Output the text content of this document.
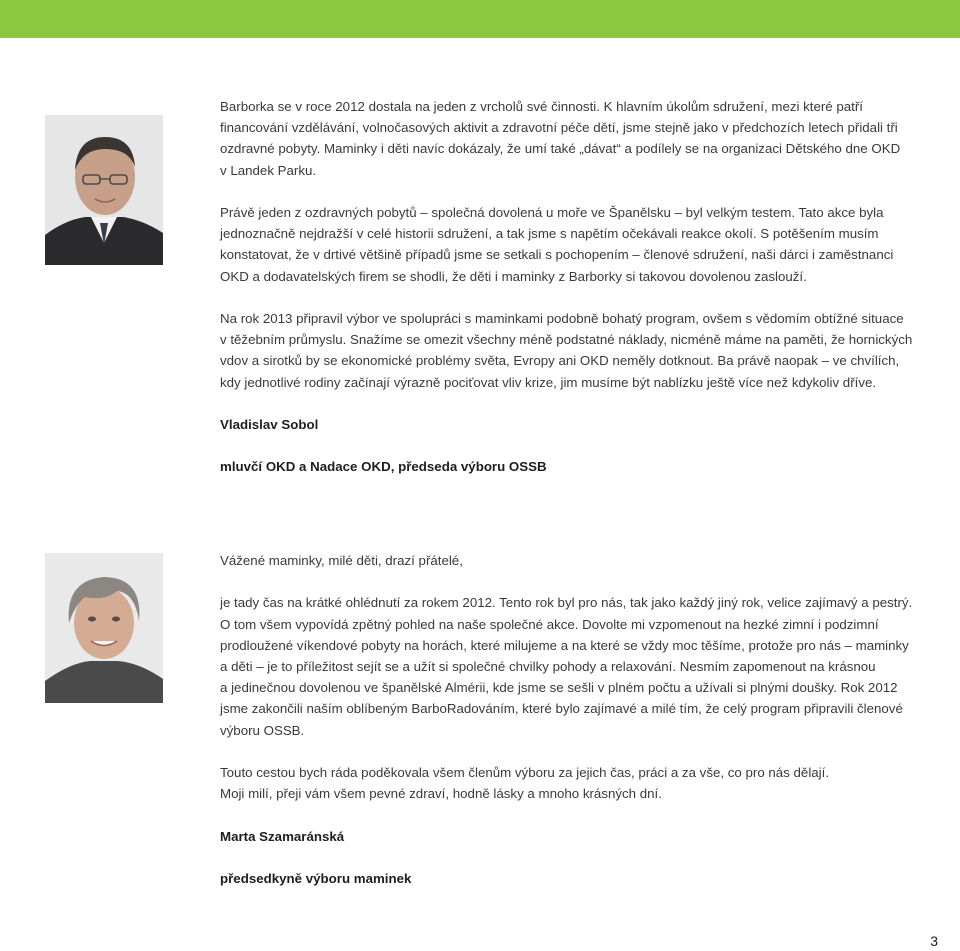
Barborka se v roce 2012 dostala na jeden z vrcholů své činnosti. K hlavním úkolům sdružení, mezi které patří
financování vzdělávání, volnočasových aktivit a zdravotní péče dětí, jsme stejně jako v předchozích letech přidali tři
ozdravné pobyty. Maminky i děti navíc dokázaly, že umí také „dávat“ a podílely se na organizaci Dětského dne OKD
v Landek Parku.

Právě jeden z ozdravných pobytů – společná dovolená u moře ve Španělsku – byl velkým testem. Tato akce byla
jednoznačně nejdražší v celé historii sdružení, a tak jsme s napětím očekávali reakce okolí. S potěšením musím
konstatovat, že v drtivé většině případů jsme se setkali s pochopením – členové sdružení, naši dárci i zaměstnanci
OKD a dodavatelských firem se shodli, že děti i maminky z Barborky si takovou dovolenou zaslouží.

Na rok 2013 připravil výbor ve spolupráci s maminkami podobně bohatý program, ovšem s vědomím obtížné situace
v těžebním průmyslu. Snažíme se omezit všechny méně podstatné náklady, nicméně máme na paměti, že hornických
vdov a sirotků by se ekonomické problémy světa, Evropy ani OKD neměly dotknout. Ba právě naopak – ve chvílích,
kdy jednotlivé rodiny začínají výrazně pociťovat vliv krize, jim musíme být nablízku ještě více než kdykoliv dříve.

Vladislav Sobol

mluvčí OKD a Nadace OKD, předseda výboru OSSB

Vážené maminky, milé děti, drazí přátelé,

je tady čas na krátké ohlédnutí za rokem 2012. Tento rok byl pro nás, tak jako každý jiný rok, velice zajímavý a pestrý.
O tom všem vypovídá zpětný pohled na naše společné akce. Dovolte mi vzpomenout na hezké zimní i podzimní
prodloužené víkendové pobyty na horách, které milujeme a na které se vždy moc těšíme, protože pro nás – maminky
a děti – je to příležitost sejít se a užít si společné chvilky pohody a relaxování. Nesmím zapomenout na krásnou
a jedinečnou dovolenou ve španělské Almérii, kde jsme se sešli v plném počtu a užívali si plnými doušky. Rok 2012
jsme zakončili naším oblíbeným BarboRadováním, které bylo zajímavé a milé tím, že celý program připravili členové
výboru OSSB.

Touto cestou bych ráda poděkovala všem členům výboru za jejich čas, práci a za vše, co pro nás dělají.
Moji milí, přeji vám všem pevné zdraví, hodně lásky a mnoho krásných dní.

Marta Szamaránská

předsedkyně výboru maminek

3
